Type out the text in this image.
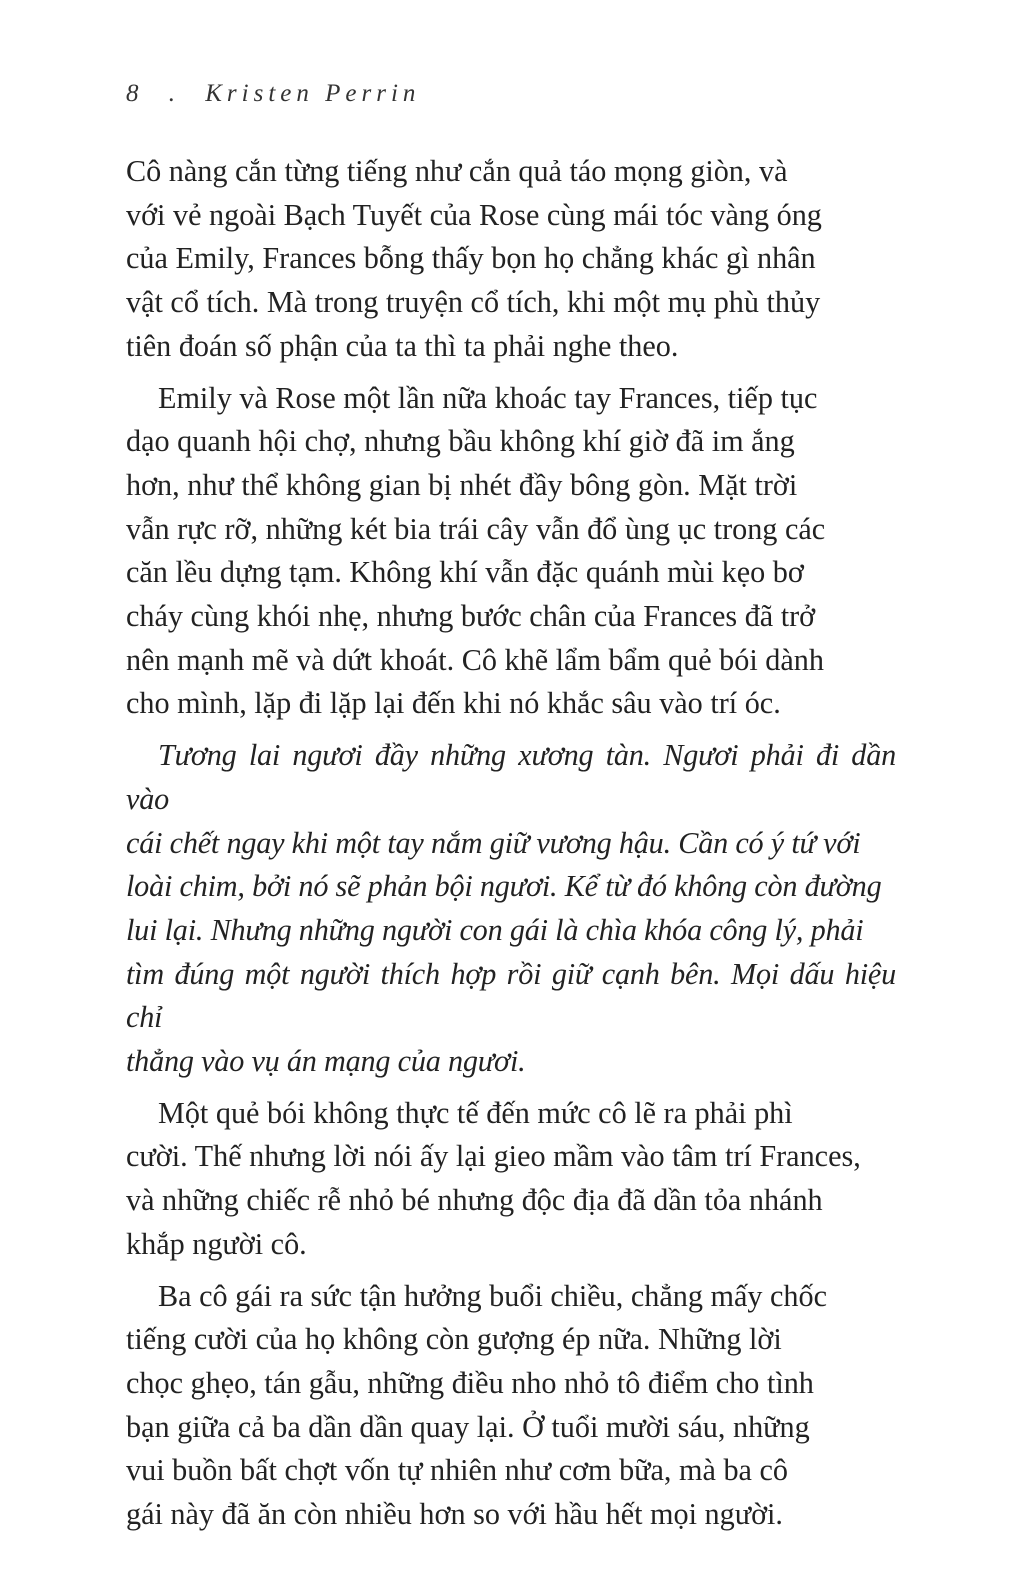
8 . Kristen Perrin

Cô nàng cắn từng tiếng như cắn quả táo mọng giòn, và
với vẻ ngoài Bạch Tuyết của Rose cùng mái tóc vàng óng
của Emily, Frances bỗng thấy bọn họ chẳng khác gì nhân
vật cổ tích. Mà trong truyện cổ tích, khi một mụ phù thủy
tiên đoán số phận của ta thì ta phải nghe theo.

Emily và Rose một lần nữa khoác tay Frances, tiếp tục
dạo quanh hội chợ, nhưng bầu không khí giờ đã im ắng
hơn, như thể không gian bị nhét đầy bông gòn. Mặt trời
vẫn rực rỡ, những két bia trái cây vẫn đổ ùng ục trong các
căn lều dựng tạm. Không khí vẫn đặc quánh mùi kẹo bơ
cháy cùng khói nhẹ, nhưng bước chân của Frances đã trở
nên mạnh mẽ và dứt khoát. Cô khẽ lẩm bẩm quẻ bói dành
cho mình, lặp đi lặp lại đến khi nó khắc sâu vào trí óc.

Tương lai ngươi đầy những xương tàn. Ngươi phải đi dần vào
cái chết ngay khi một tay nắm giữ vương hậu. Cần có ý tứ với
loài chim, bởi nó sẽ phản bội ngươi. Kể từ đó không còn đường
lui lại. Nhưng những người con gái là chìa khóa công lý, phải
tìm đúng một người thích hợp rồi giữ cạnh bên. Mọi dấu hiệu chỉ
thẳng vào vụ án mạng của ngươi.

Một quẻ bói không thực tế đến mức cô lẽ ra phải phì
cười. Thế nhưng lời nói ấy lại gieo mầm vào tâm trí Frances,
và những chiếc rễ nhỏ bé nhưng độc địa đã dần tỏa nhánh
khắp người cô.

Ba cô gái ra sức tận hưởng buổi chiều, chẳng mấy chốc
tiếng cười của họ không còn gượng ép nữa. Những lời
chọc ghẹo, tán gẫu, những điều nho nhỏ tô điểm cho tình
bạn giữa cả ba dần dần quay lại. Ở tuổi mười sáu, những
vui buồn bất chợt vốn tự nhiên như cơm bữa, mà ba cô
gái này đã ăn còn nhiều hơn so với hầu hết mọi người.
